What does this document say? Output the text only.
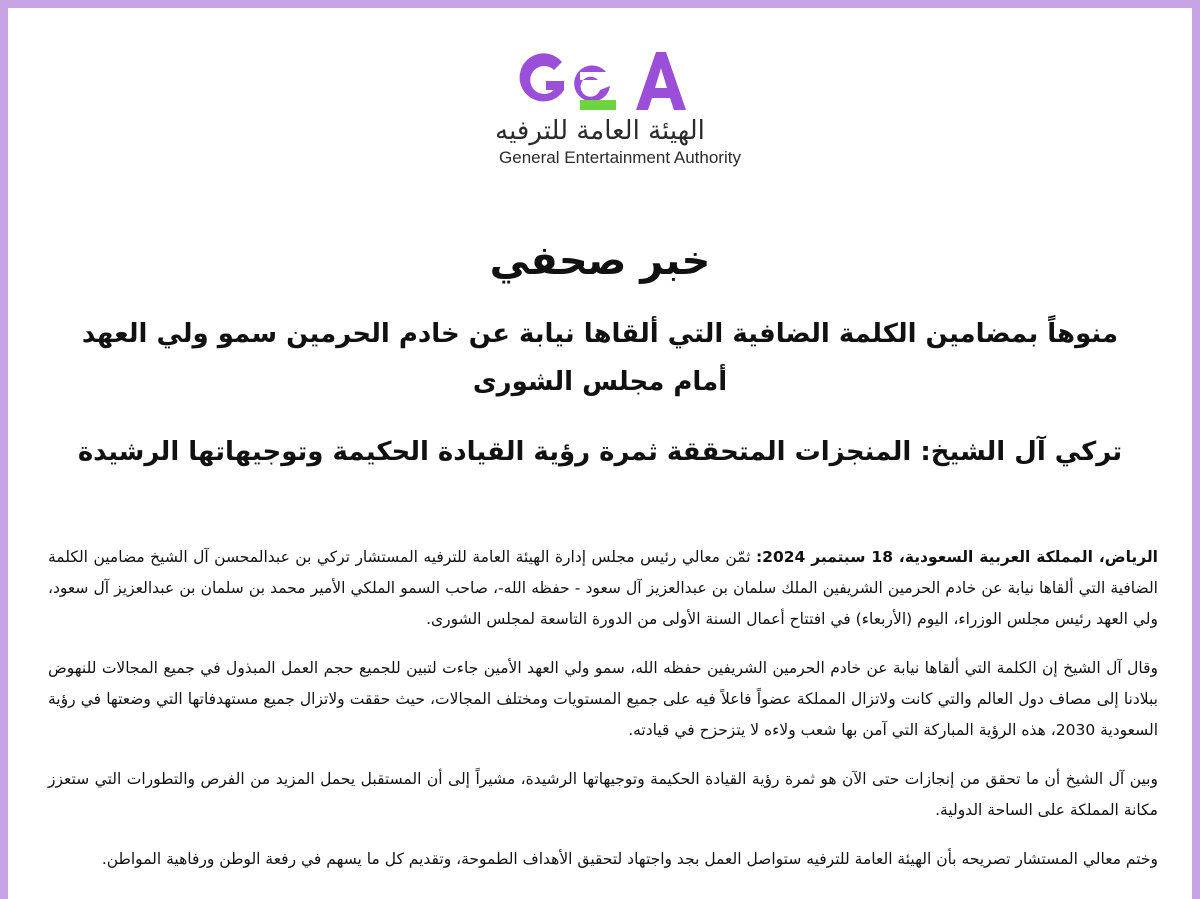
الهيئة العامة للترفيه
General Entertainment Authority
خبر صحفي
منوهاً بمضامين الكلمة الضافية التي ألقاها نيابة عن خادم الحرمين سمو ولي العهد أمام مجلس الشورى
تركي آل الشيخ: المنجزات المتحققة ثمرة رؤية القيادة الحكيمة وتوجيهاتها الرشيدة

الرياض، المملكة العربية السعودية، 18 سبتمبر 2024: ثمّن معالي رئيس مجلس إدارة الهيئة العامة للترفيه المستشار تركي بن عبدالمحسن آل الشيخ مضامين الكلمة الضافية التي ألقاها نيابة عن خادم الحرمين الشريفين الملك سلمان بن عبدالعزيز آل سعود - حفظه الله-، صاحب السمو الملكي الأمير محمد بن سلمان بن عبدالعزيز آل سعود، ولي العهد رئيس مجلس الوزراء، اليوم (الأربعاء) في افتتاح أعمال السنة الأولى من الدورة التاسعة لمجلس الشورى.

وقال آل الشيخ إن الكلمة التي ألقاها نيابة عن خادم الحرمين الشريفين حفظه الله، سمو ولي العهد الأمين جاءت لتبين للجميع حجم العمل المبذول في جميع المجالات للنهوض ببلادنا إلى مصاف دول العالم والتي كانت ولاتزال المملكة عضواً فاعلاً فيه على جميع المستويات ومختلف المجالات، حيث حققت ولاتزال جميع مستهدفاتها التي وضعتها في رؤية السعودية 2030، هذه الرؤية المباركة التي آمن بها شعب ولاءه لا يتزحزح في قيادته.

وبين آل الشيخ أن ما تحقق من إنجازات حتى الآن هو ثمرة رؤية القيادة الحكيمة وتوجيهاتها الرشيدة، مشيراً إلى أن المستقبل يحمل المزيد من الفرص والتطورات التي ستعزز مكانة المملكة على الساحة الدولية.

وختم معالي المستشار تصريحه بأن الهيئة العامة للترفيه ستواصل العمل بجد واجتهاد لتحقيق الأهداف الطموحة، وتقديم كل ما يسهم في رفعة الوطن ورفاهية المواطن.
